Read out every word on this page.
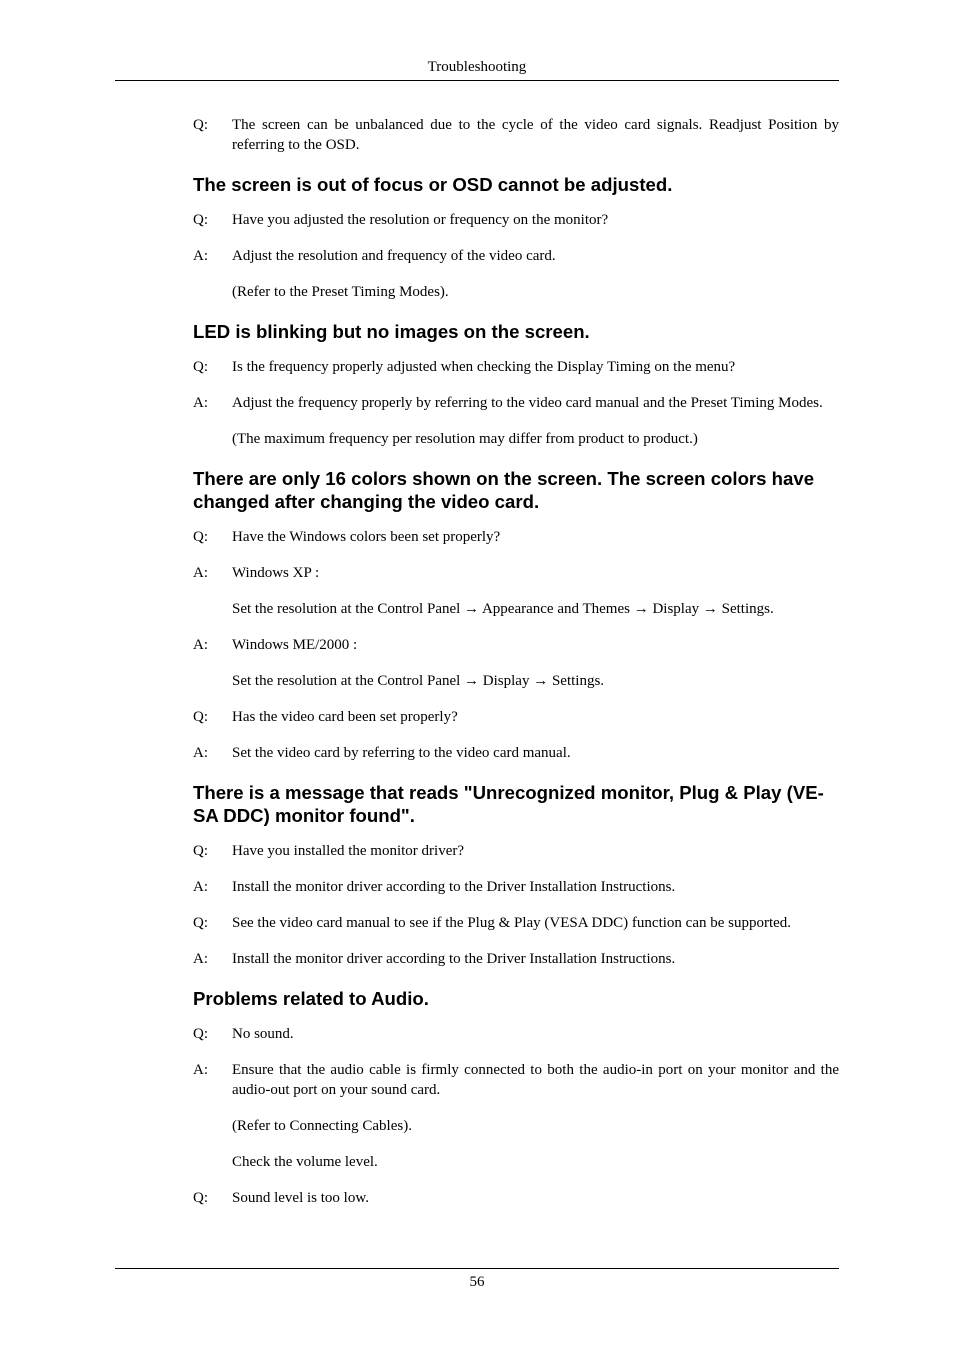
Troubleshooting
Q:	The screen can be unbalanced due to the cycle of the video card signals. Readjust Position by referring to the OSD.
The screen is out of focus or OSD cannot be adjusted.
Q:	Have you adjusted the resolution or frequency on the monitor?
A:	Adjust the resolution and frequency of the video card.
(Refer to the Preset Timing Modes).
LED is blinking but no images on the screen.
Q:	Is the frequency properly adjusted when checking the Display Timing on the menu?
A:	Adjust the frequency properly by referring to the video card manual and the Preset Timing Modes.
(The maximum frequency per resolution may differ from product to product.)
There are only 16 colors shown on the screen. The screen colors have changed after changing the video card.
Q:	Have the Windows colors been set properly?
A:	Windows XP :
Set the resolution at the Control Panel → Appearance and Themes → Display → Settings.
A:	Windows ME/2000 :
Set the resolution at the Control Panel → Display → Settings.
Q:	Has the video card been set properly?
A:	Set the video card by referring to the video card manual.
There is a message that reads "Unrecognized monitor, Plug & Play (VE-SA DDC) monitor found".
Q:	Have you installed the monitor driver?
A:	Install the monitor driver according to the Driver Installation Instructions.
Q:	See the video card manual to see if the Plug & Play (VESA DDC) function can be supported.
A:	Install the monitor driver according to the Driver Installation Instructions.
Problems related to Audio.
Q:	No sound.
A:	Ensure that the audio cable is firmly connected to both the audio-in port on your monitor and the audio-out port on your sound card.
(Refer to Connecting Cables).
Check the volume level.
Q:	Sound level is too low.
56
